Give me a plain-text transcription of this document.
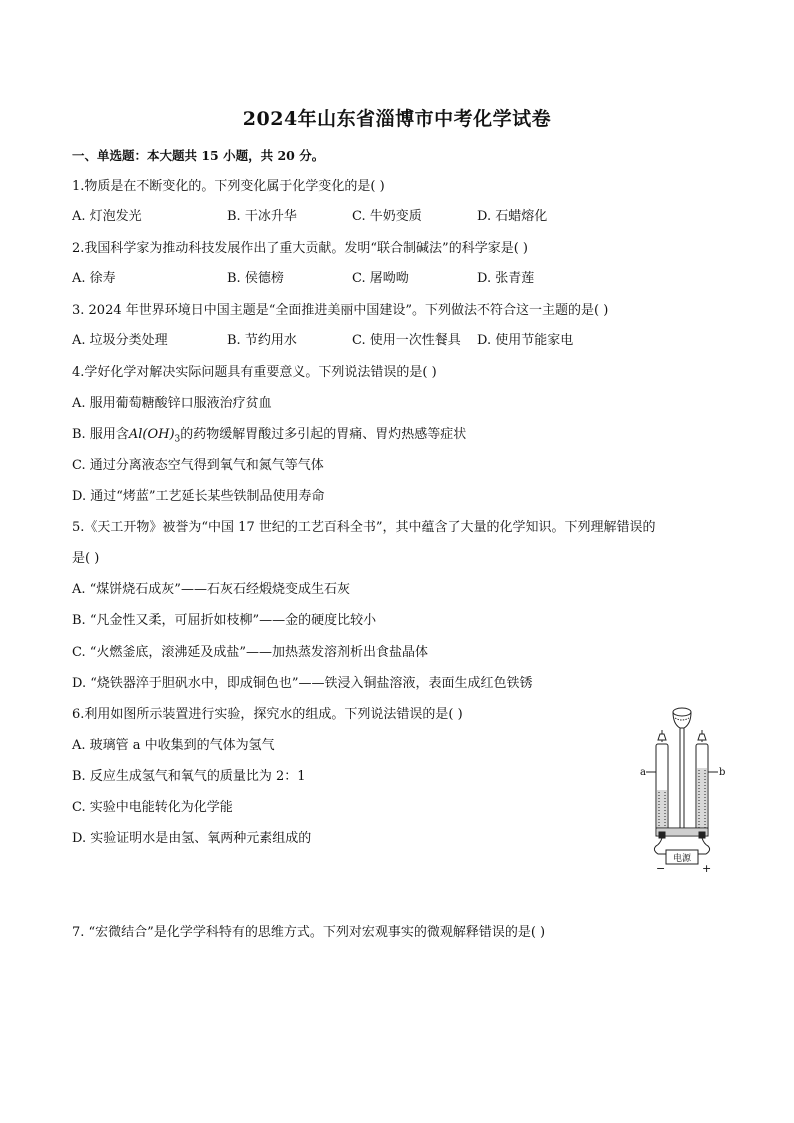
2024年山东省淄博市中考化学试卷
一、单选题：本大题共 15 小题，共 20 分。
1.物质是在不断变化的。下列变化属于化学变化的是( )
A. 灯泡发光	B. 干冰升华	C. 牛奶变质	D. 石蜡熔化
2.我国科学家为推动科技发展作出了重大贡献。发明“联合制碱法”的科学家是( )
A. 徐寿	B. 侯德榜	C. 屠呦呦	D. 张青莲
3. 2024 年世界环境日中国主题是“全面推进美丽中国建设”。下列做法不符合这一主题的是( )
A. 垃圾分类处理	B. 节约用水	C. 使用一次性餐具 D. 使用节能家电
4.学好化学对解决实际问题具有重要意义。下列说法错误的是( )
A. 服用葡萄糖酸锌口服液治疗贫血
B. 服用含$Al(OH)_3$的药物缓解胃酸过多引起的胃痛、胃灼热感等症状
C. 通过分离液态空气得到氧气和氮气等气体
D. 通过“烤蓝”工艺延长某些铁制品使用寿命
5.《天工开物》被誉为“中国 17 世纪的工艺百科全书”，其中蕴含了大量的化学知识。下列理解错误的
是( )
A. “煤饼烧石成灰”——石灰石经煅烧变成生石灰
B. “凡金性又柔，可屈折如枝柳”——金的硬度比较小
C. “火燃釜底，滚沸延及成盐”——加热蒸发溶剂析出食盐晶体
D. “烧铁器淬于胆矾水中，即成铜色也”——铁浸入铜盐溶液，表面生成红色铁锈
6.利用如图所示装置进行实验，探究水的组成。下列说法错误的是( )
A. 玻璃管 a 中收集到的气体为氢气
B. 反应生成氢气和氧气的质量比为 2：1
C. 实验中电能转化为化学能
D. 实验证明水是由氢、氧两种元素组成的
a	b
电源
−	+
7. “宏微结合”是化学学科特有的思维方式。下列对宏观事实的微观解释错误的是( )
